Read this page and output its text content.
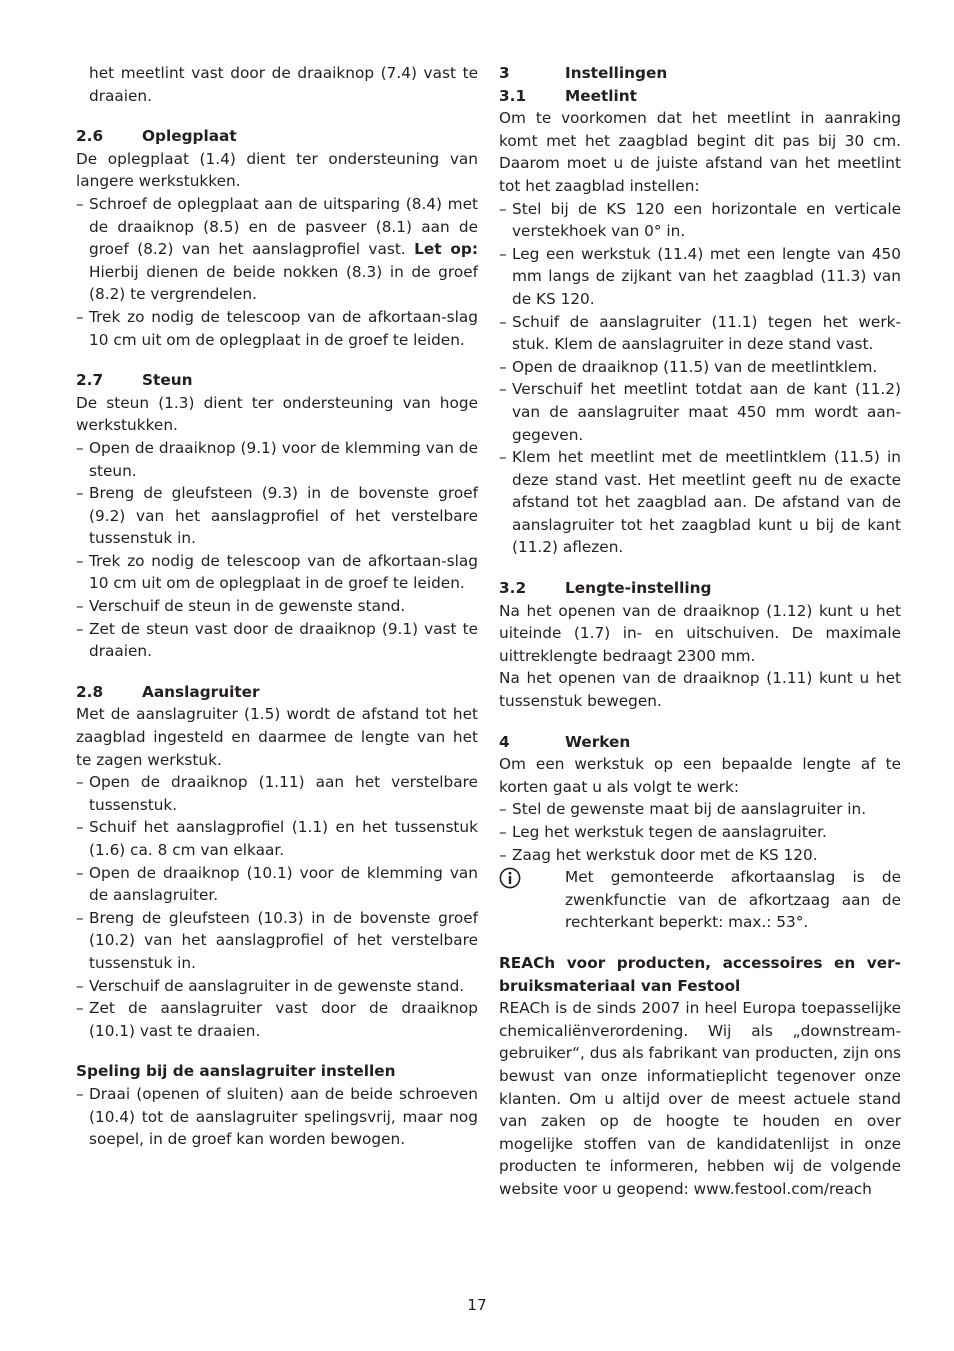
het meetlint vast door de draaiknop (7.4) vast te draaien.

2.6	Oplegplaat

De oplegplaat (1.4) dient ter ondersteuning van langere werkstukken.

– Schroef de oplegplaat aan de uitsparing (8.4) met de draaiknop (8.5) en de pasveer (8.1) aan de groef (8.2) van het aanslagprofiel vast. Let op: Hierbij dienen de beide nokken (8.3) in de groef (8.2) te vergrendelen.
– Trek zo nodig de telescoop van de afkortaan-slag 10 cm uit om de oplegplaat in de groef te leiden.

2.7	Steun

De steun (1.3) dient ter ondersteuning van hoge werkstukken.

– Open de draaiknop (9.1) voor de klemming van de steun.
– Breng de gleufsteen (9.3) in de bovenste groef (9.2) van het aanslagprofiel of het verstelbare tussenstuk in.
– Trek zo nodig de telescoop van de afkortaan-slag 10 cm uit om de oplegplaat in de groef te leiden.
– Verschuif de steun in de gewenste stand.
– Zet de steun vast door de draaiknop (9.1) vast te draaien.

2.8	Aanslagruiter

Met de aanslagruiter (1.5) wordt de afstand tot het zaagblad ingesteld en daarmee de lengte van het te zagen werkstuk.

– Open de draaiknop (1.11) aan het verstelbare tussenstuk.
– Schuif het aanslagprofiel (1.1) en het tussenstuk (1.6) ca. 8 cm van elkaar.
– Open de draaiknop (10.1) voor de klemming van de aanslagruiter.
– Breng de gleufsteen (10.3) in de bovenste groef (10.2) van het aanslagprofiel of het verstelbare tussenstuk in.
– Verschuif de aanslagruiter in de gewenste stand.
– Zet de aanslagruiter vast door de draaiknop (10.1) vast te draaien.

Speling bij de aanslagruiter instellen

– Draai (openen of sluiten) aan de beide schroeven (10.4) tot de aanslagruiter spelingsvrij, maar nog soepel, in de groef kan worden bewogen.

3	Instellingen

3.1	Meetlint

Om te voorkomen dat het meetlint in aanraking komt met het zaagblad begint dit pas bij 30 cm. Daarom moet u de juiste afstand van het meetlint tot het zaagblad instellen:

– Stel bij de KS 120 een horizontale en verticale verstekhoek van 0° in.
– Leg een werkstuk (11.4) met een lengte van 450 mm langs de zijkant van het zaagblad (11.3) van de KS 120.
– Schuif de aanslagruiter (11.1) tegen het werk-stuk. Klem de aanslagruiter in deze stand vast.
– Open de draaiknop (11.5) van de meetlintklem.
– Verschuif het meetlint totdat aan de kant (11.2) van de aanslagruiter maat 450 mm wordt aan-gegeven.
– Klem het meetlint met de meetlintklem (11.5) in deze stand vast. Het meetlint geeft nu de exacte afstand tot het zaagblad aan. De afstand van de aanslagruiter tot het zaagblad kunt u bij de kant (11.2) aflezen.

3.2	Lengte-instelling

Na het openen van de draaiknop (1.12) kunt u het uiteinde (1.7) in- en uitschuiven. De maximale uittreklengte bedraagt 2300 mm.

Na het openen van de draaiknop (1.11) kunt u het tussenstuk bewegen.

4	Werken

Om een werkstuk op een bepaalde lengte af te korten gaat u als volgt te werk:

– Stel de gewenste maat bij de aanslagruiter in.
– Leg het werkstuk tegen de aanslagruiter.
– Zaag het werkstuk door met de KS 120.

Met gemonteerde afkortaanslag is de zwenkfunctie van de afkortzaag aan de rechterkant beperkt: max.: 53°.

REACh voor producten, accessoires en ver-bruiksmateriaal van Festool

REACh is de sinds 2007 in heel Europa toepasselijke chemicaliënverordening. Wij als „downstream-gebruiker“, dus als fabrikant van producten, zijn ons bewust van onze informatieplicht tegenover onze klanten. Om u altijd over de meest actuele stand van zaken op de hoogte te houden en over mogelijke stoffen van de kandidatenlijst in onze producten te informeren, hebben wij de volgende website voor u geopend: www.festool.com/reach

17
